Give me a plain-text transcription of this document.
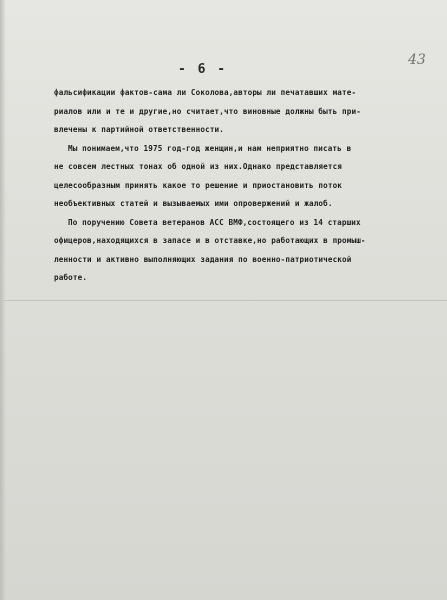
- 6 -
43
фальсификации фактов-сама ли Соколова,авторы ли печатавших мате-
риалов или и те и другие,но считает,что виновные должны быть при-
влечены к партийной ответственности.
Мы понимаем,что 1975 год-год женщин,и нам неприятно писать в
не совсем лестных тонах об одной из них.Однако представляется
целесообразным принять какое то решение и приостановить поток
необъективных статей и вызываемых ими опровержений и жалоб.
По поручению Совета ветеранов АСС ВМФ,состоящего из 14 старших
офицеров,находящихся в запасе и в отставке,но работающих в промыш-
ленности и активно выполняющих задания по военно-патриотической
работе.
